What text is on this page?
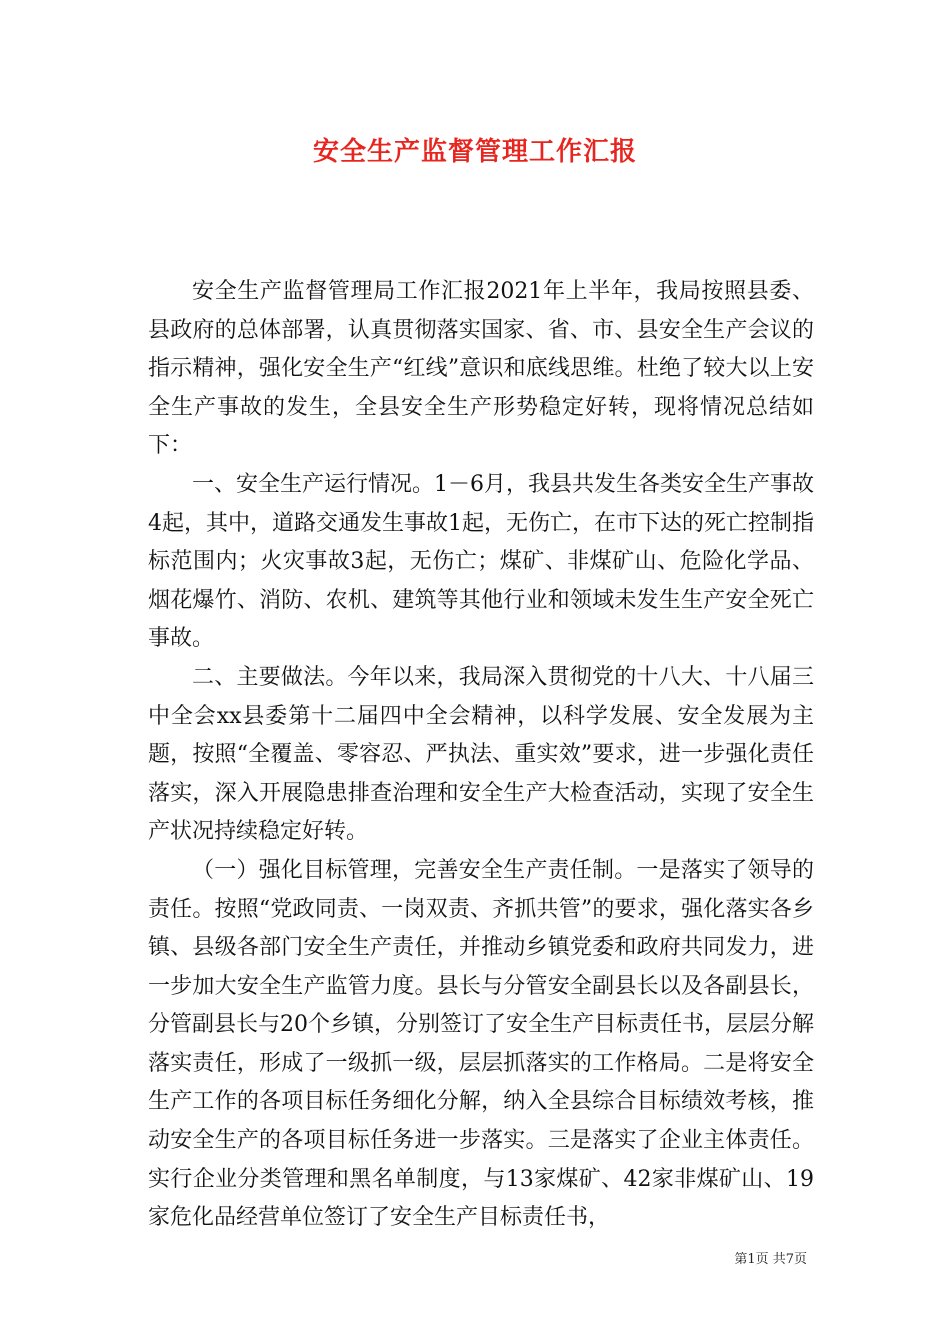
安全生产监督管理工作汇报

安全生产监督管理局工作汇报2021年上半年，我局按照县委、县政府的总体部署，认真贯彻落实国家、省、市、县安全生产会议的指示精神，强化安全生产“红线”意识和底线思维。杜绝了较大以上安全生产事故的发生，全县安全生产形势稳定好转，现将情况总结如下：

一、安全生产运行情况。1－6月，我县共发生各类安全生产事故4起，其中，道路交通发生事故1起，无伤亡，在市下达的死亡控制指标范围内；火灾事故3起，无伤亡；煤矿、非煤矿山、危险化学品、烟花爆竹、消防、农机、建筑等其他行业和领域未发生生产安全死亡事故。

二、主要做法。今年以来，我局深入贯彻党的十八大、十八届三中全会xx县委第十二届四中全会精神，以科学发展、安全发展为主题，按照“全覆盖、零容忍、严执法、重实效”要求，进一步强化责任落实，深入开展隐患排查治理和安全生产大检查活动，实现了安全生产状况持续稳定好转。

（一）强化目标管理，完善安全生产责任制。一是落实了领导的责任。按照“党政同责、一岗双责、齐抓共管”的要求，强化落实各乡镇、县级各部门安全生产责任，并推动乡镇党委和政府共同发力，进一步加大安全生产监管力度。县长与分管安全副县长以及各副县长，分管副县长与20个乡镇，分别签订了安全生产目标责任书，层层分解落实责任，形成了一级抓一级，层层抓落实的工作格局。二是将安全生产工作的各项目标任务细化分解，纳入全县综合目标绩效考核，推动安全生产的各项目标任务进一步落实。三是落实了企业主体责任。实行企业分类管理和黑名单制度，与13家煤矿、42家非煤矿山、19家危化品经营单位签订了安全生产目标责任书，

第1页 共7页
